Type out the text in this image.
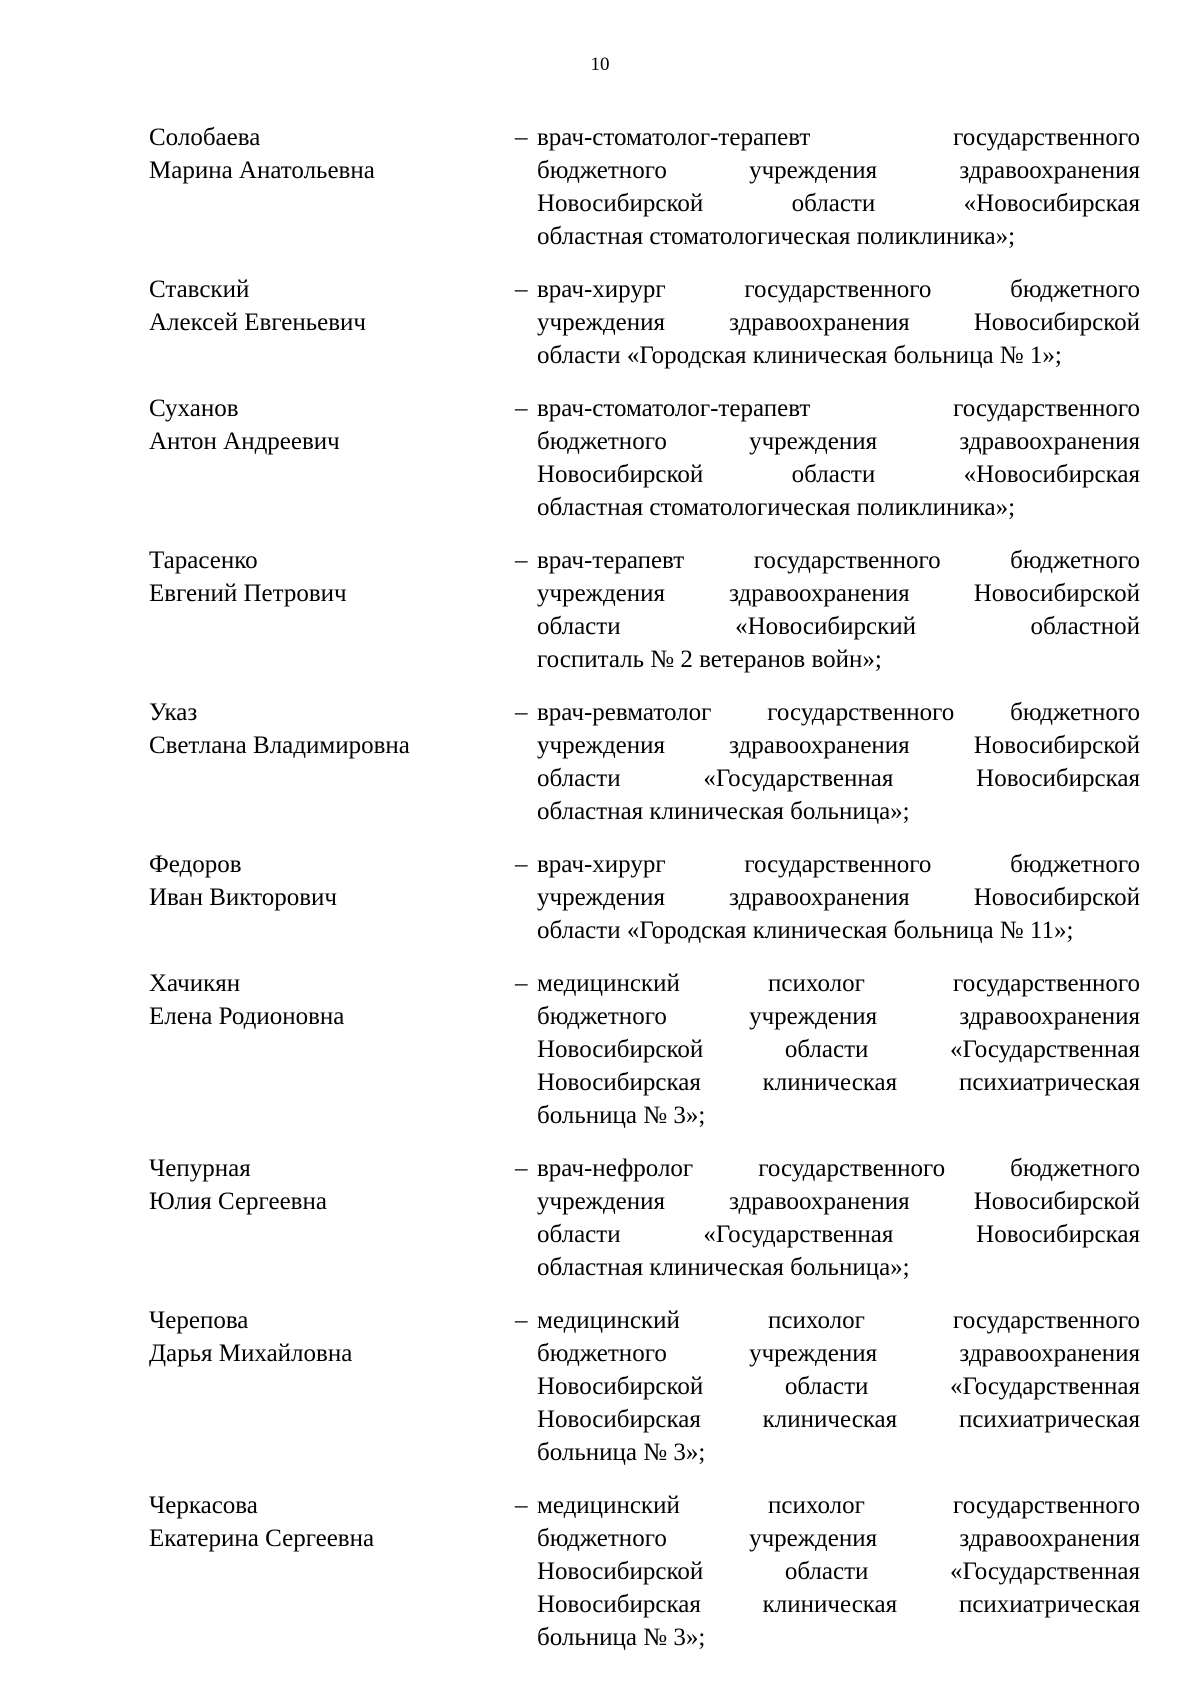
10
Солобаева
Марина Анатольевна
– врач-стоматолог-терапевт государственного
бюджетного учреждения здравоохранения
Новосибирской области «Новосибирская
областная стоматологическая поликлиника»;
Ставский
Алексей Евгеньевич
– врач-хирург государственного бюджетного
учреждения здравоохранения Новосибирской
области «Городская клиническая больница № 1»;
Суханов
Антон Андреевич
– врач-стоматолог-терапевт государственного
бюджетного учреждения здравоохранения
Новосибирской области «Новосибирская
областная стоматологическая поликлиника»;
Тарасенко
Евгений Петрович
– врач-терапевт государственного бюджетного
учреждения здравоохранения Новосибирской
области «Новосибирский областной
госпиталь № 2 ветеранов войн»;
Указ
Светлана Владимировна
– врач-ревматолог государственного бюджетного
учреждения здравоохранения Новосибирской
области «Государственная Новосибирская
областная клиническая больница»;
Федоров
Иван Викторович
– врач-хирург государственного бюджетного
учреждения здравоохранения Новосибирской
области «Городская клиническая больница № 11»;
Хачикян
Елена Родионовна
– медицинский психолог государственного
бюджетного учреждения здравоохранения
Новосибирской области «Государственная
Новосибирская клиническая психиатрическая
больница № 3»;
Чепурная
Юлия Сергеевна
– врач-нефролог государственного бюджетного
учреждения здравоохранения Новосибирской
области «Государственная Новосибирская
областная клиническая больница»;
Черепова
Дарья Михайловна
– медицинский психолог государственного
бюджетного учреждения здравоохранения
Новосибирской области «Государственная
Новосибирская клиническая психиатрическая
больница № 3»;
Черкасова
Екатерина Сергеевна
– медицинский психолог государственного
бюджетного учреждения здравоохранения
Новосибирской области «Государственная
Новосибирская клиническая психиатрическая
больница № 3»;
